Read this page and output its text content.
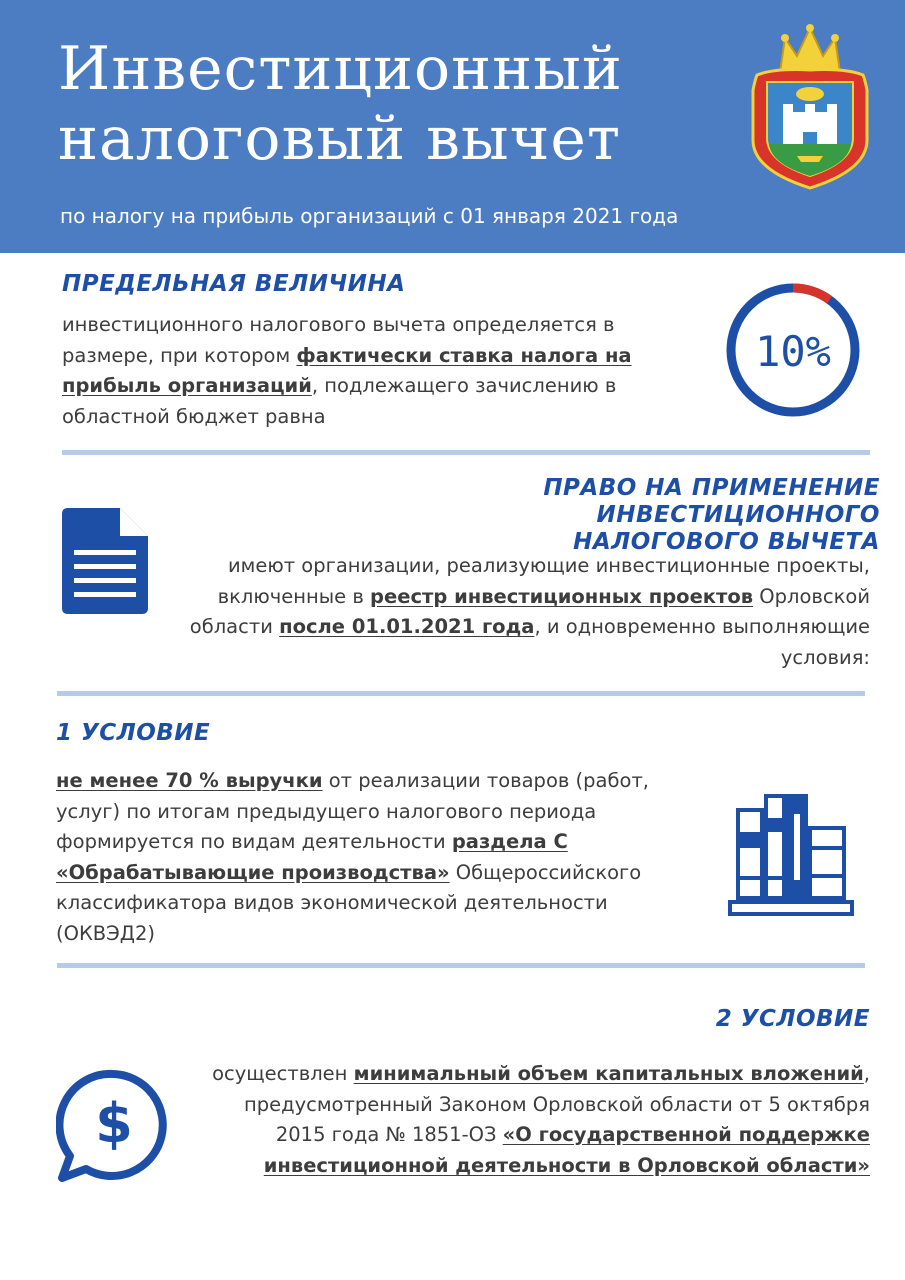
Инвестиционный
налоговый вычет
по налогу на прибыль организаций с 01 января 2021 года
ПРЕДЕЛЬНАЯ ВЕЛИЧИНА
инвестиционного налогового вычета определяется в размере, при котором фактически ставка налога на прибыль организаций, подлежащего зачислению в областной бюджет равна
10%
ПРАВО НА ПРИМЕНЕНИЕ ИНВЕСТИЦИОННОГО
НАЛОГОВОГО ВЫЧЕТА
имеют организации, реализующие инвестиционные проекты, включенные в реестр инвестиционных проектов Орловской области после 01.01.2021 года, и одновременно выполняющие условия:
1 УСЛОВИЕ
не менее 70 % выручки от реализации товаров (работ, услуг) по итогам предыдущего налогового периода формируется по видам деятельности раздела С «Обрабатывающие производства» Общероссийского классификатора видов экономической деятельности (ОКВЭД2)
2 УСЛОВИЕ
$
осуществлен минимальный объем капитальных вложений, предусмотренный Законом Орловской области от 5 октября 2015 года № 1851-ОЗ «О государственной поддержке инвестиционной деятельности в Орловской области»
